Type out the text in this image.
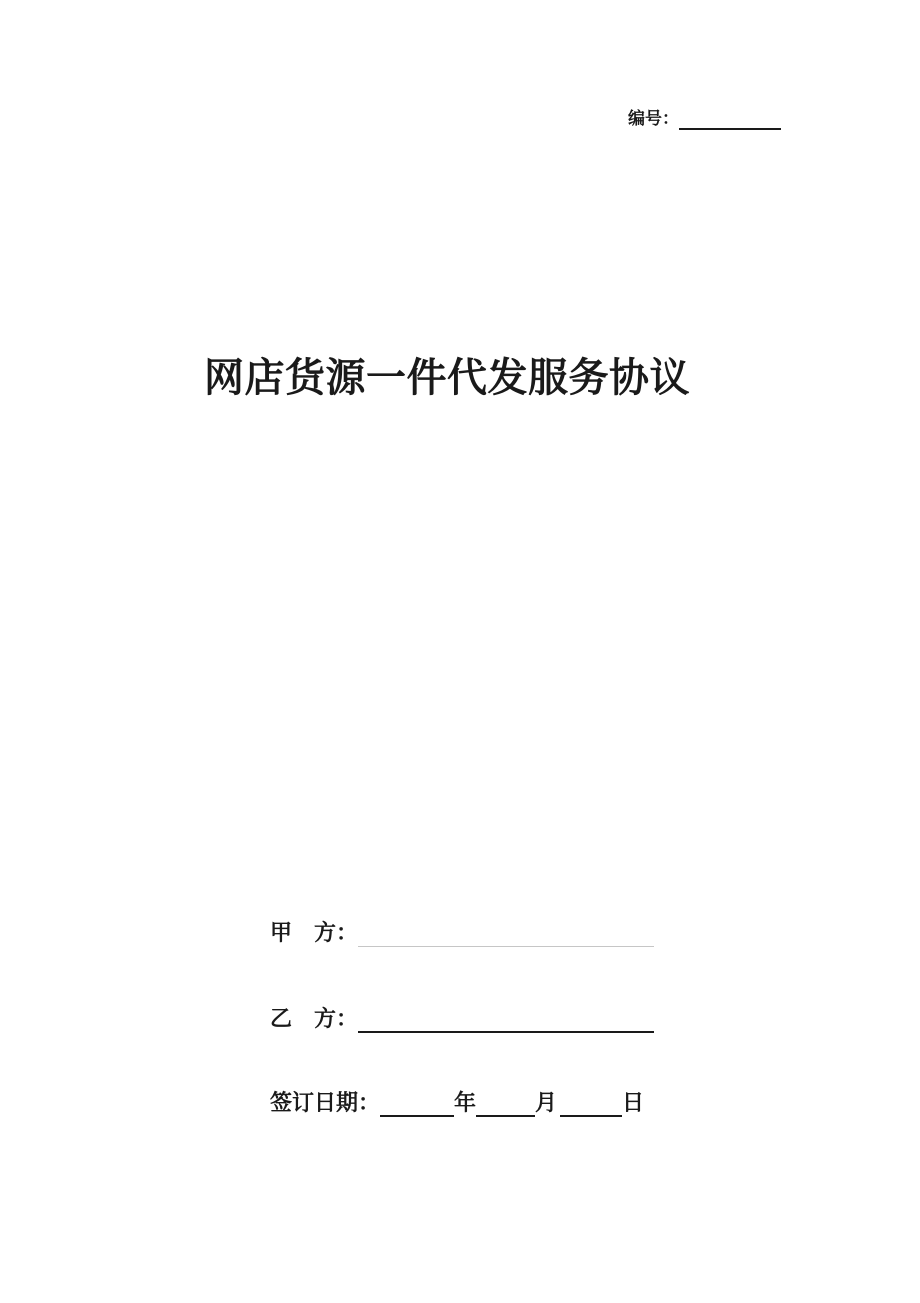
编号：
网店货源一件代发服务协议
甲　方：
乙　方：
签订日期：	年	月	日
